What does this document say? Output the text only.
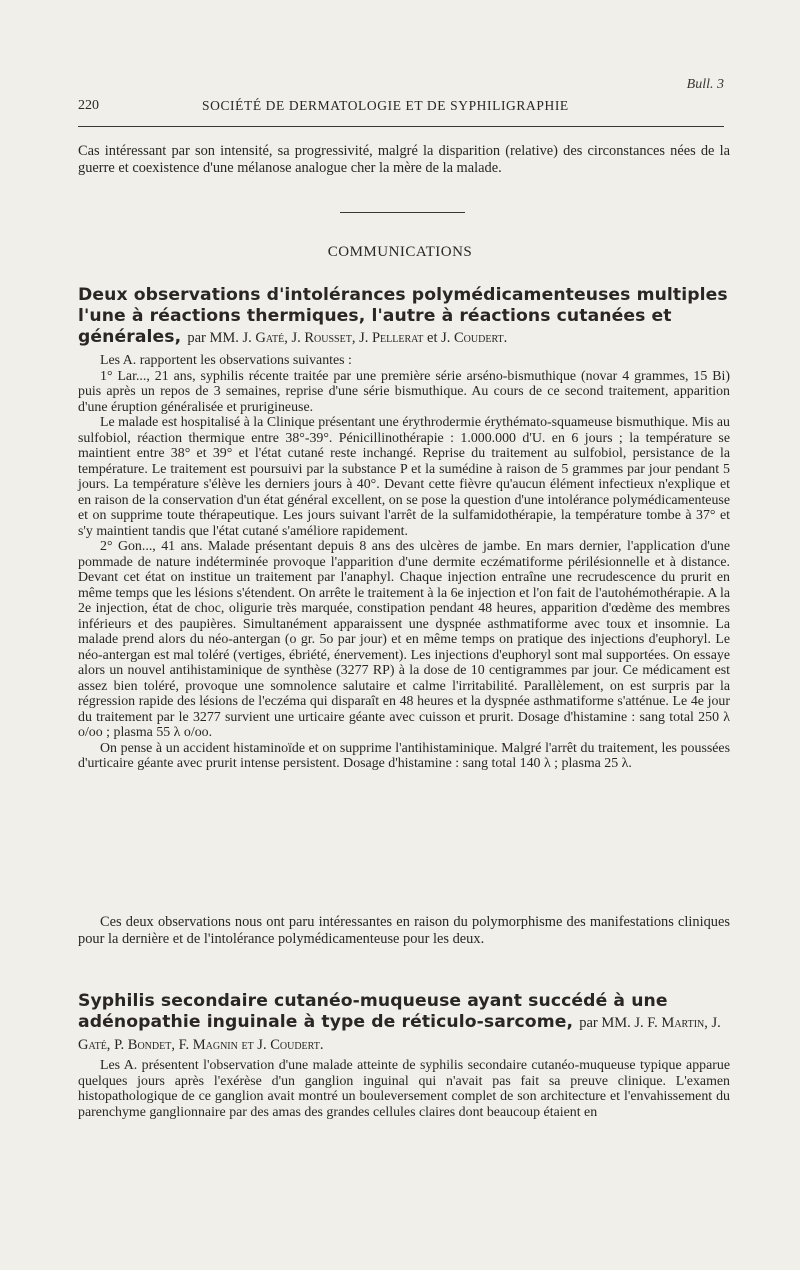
Bull. 3
220	SOCIÉTÉ DE DERMATOLOGIE ET DE SYPHILIGRAPHIE
Cas intéressant par son intensité, sa progressivité, malgré la disparition (relative) des circonstances nées de la guerre et coexistence d'une mélanose analogue cher la mère de la malade.
COMMUNICATIONS
Deux observations d'intolérances polymédicamenteuses multiples l'une à réactions thermiques, l'autre à réactions cutanées et générales, par MM. J. Gaté, J. Rousset, J. Pellerat et J. Coudert.

Les A. rapportent les observations suivantes :

1° Lar..., 21 ans, syphilis récente traitée par une première série arséno-bismuthique (novar 4 grammes, 15 Bi) puis après un repos de 3 semaines, reprise d'une série bismuthique. Au cours de ce second traitement, apparition d'une éruption généralisée et prurigineuse.

Le malade est hospitalisé à la Clinique présentant une érythrodermie érythémato-squameuse bismuthique. Mis au sulfobiol, réaction thermique entre 38°-39°. Pénicillinothérapie : 1.000.000 d'U. en 6 jours ; la température se maintient entre 38° et 39° et l'état cutané reste inchangé. Reprise du traitement au sulfobiol, persistance de la température. Le traitement est poursuivi par la substance P et la sumédine à raison de 5 grammes par jour pendant 5 jours. La température s'élève les derniers jours à 40°. Devant cette fièvre qu'aucun élément infectieux n'explique et en raison de la conservation d'un état général excellent, on se pose la question d'une intolérance polymédicamenteuse et on supprime toute thérapeutique. Les jours suivant l'arrêt de la sulfamidothérapie, la température tombe à 37° et s'y maintient tandis que l'état cutané s'améliore rapidement.

2° Gon..., 41 ans. Malade présentant depuis 8 ans des ulcères de jambe. En mars dernier, l'application d'une pommade de nature indéterminée provoque l'apparition d'une dermite eczématiforme périlésionnelle et à distance. Devant cet état on institue un traitement par l'anaphyl. Chaque injection entraîne une recrudescence du prurit en même temps que les lésions s'étendent. On arrête le traitement à la 6e injection et l'on fait de l'autohémothérapie. A la 2e injection, état de choc, oligurie très marquée, constipation pendant 48 heures, apparition d'œdème des membres inférieurs et des paupières. Simultanément apparaissent une dyspnée asthmatiforme avec toux et insomnie. La malade prend alors du néo-antergan (o gr. 5o par jour) et en même temps on pratique des injections d'euphoryl. Le néo-antergan est mal toléré (vertiges, ébriété, énervement). Les injections d'euphoryl sont mal supportées. On essaye alors un nouvel antihistaminique de synthèse (3277 RP) à la dose de 10 centigrammes par jour. Ce médicament est assez bien toléré, provoque une somnolence salutaire et calme l'irritabilité. Parallèlement, on est surpris par la régression rapide des lésions de l'eczéma qui disparaît en 48 heures et la dyspnée asthmatiforme s'atténue. Le 4e jour du traitement par le 3277 survient une urticaire géante avec cuisson et prurit. Dosage d'histamine : sang total 250 λ o/oo ; plasma 55 λ o/oo.

On pense à un accident histaminoïde et on supprime l'antihistaminique. Malgré l'arrêt du traitement, les poussées d'urticaire géante avec prurit intense persistent. Dosage d'histamine : sang total 140 λ ; plasma 25 λ.

Ces deux observations nous ont paru intéressantes en raison du polymorphisme des manifestations cliniques pour la dernière et de l'intolérance polymédicamenteuse pour les deux.

Syphilis secondaire cutanéo-muqueuse ayant succédé à une adénopathie inguinale à type de réticulo-sarcome, par MM. J. F. Martin, J. Gaté, P. Bondet, F. Magnin et J. Coudert.

Les A. présentent l'observation d'une malade atteinte de syphilis secondaire cutanéo-muqueuse typique apparue quelques jours après l'exérèse d'un ganglion inguinal qui n'avait pas fait sa preuve clinique. L'examen histopathologique de ce ganglion avait montré un bouleversement complet de son architecture et l'envahissement du parenchyme ganglionnaire par des amas des grandes cellules claires dont beaucoup étaient en
